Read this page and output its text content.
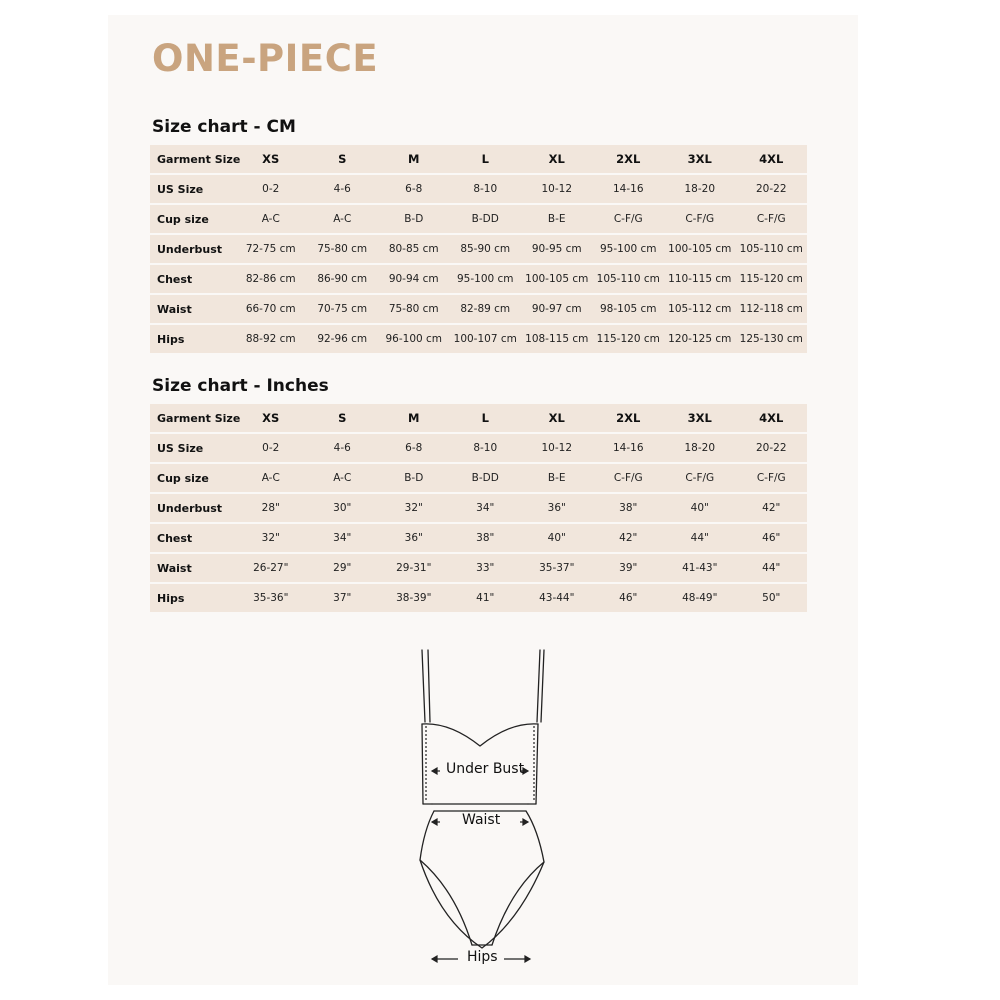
ONE-PIECE
Size chart - CM
Garment Size	XS	S	M	L	XL	2XL	3XL	4XL
US Size	0-2	4-6	6-8	8-10	10-12	14-16	18-20	20-22
Cup size	A-C	A-C	B-D	B-DD	B-E	C-F/G	C-F/G	C-F/G
Underbust	72-75 cm	75-80 cm	80-85 cm	85-90 cm	90-95 cm	95-100 cm	100-105 cm	105-110 cm
Chest	82-86 cm	86-90 cm	90-94 cm	95-100 cm	100-105 cm	105-110 cm	110-115 cm	115-120 cm
Waist	66-70 cm	70-75 cm	75-80 cm	82-89 cm	90-97 cm	98-105 cm	105-112 cm	112-118 cm
Hips	88-92 cm	92-96 cm	96-100 cm	100-107 cm	108-115 cm	115-120 cm	120-125 cm	125-130 cm
Size chart - Inches
Garment Size	XS	S	M	L	XL	2XL	3XL	4XL
US Size	0-2	4-6	6-8	8-10	10-12	14-16	18-20	20-22
Cup size	A-C	A-C	B-D	B-DD	B-E	C-F/G	C-F/G	C-F/G
Underbust	28"	30"	32"	34"	36"	38"	40"	42"
Chest	32"	34"	36"	38"	40"	42"	44"	46"
Waist	26-27"	29"	29-31"	33"	35-37"	39"	41-43"	44"
Hips	35-36"	37"	38-39"	41"	43-44"	46"	48-49"	50"
Under Bust
Waist
Hips
